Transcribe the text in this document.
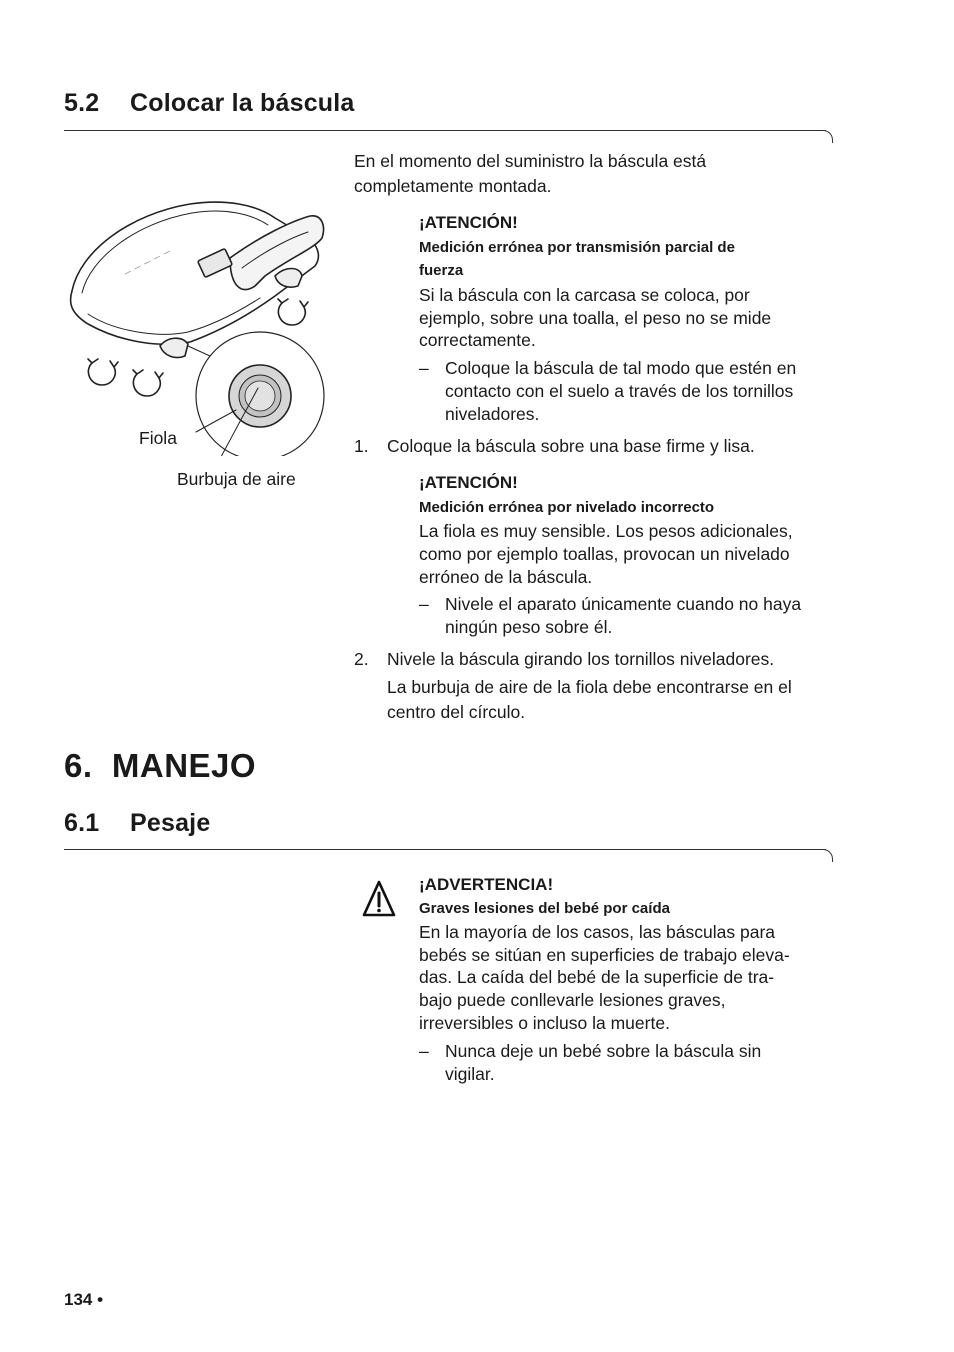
5.2 Colocar la báscula
Fiola
Burbuja de aire
En el momento del suministro la báscula está completamente montada.
¡ATENCIÓN!
Medición errónea por transmisión parcial de
fuerza
Si la báscula con la carcasa se coloca, por
ejemplo, sobre una toalla, el peso no se mide
correctamente.
– Coloque la báscula de tal modo que estén en
contacto con el suelo a través de los tornillos
niveladores.
1. Coloque la báscula sobre una base firme y lisa.
¡ATENCIÓN!
Medición errónea por nivelado incorrecto
La fiola es muy sensible. Los pesos adicionales,
como por ejemplo toallas, provocan un nivelado
erróneo de la báscula.
– Nivele el aparato únicamente cuando no haya
ningún peso sobre él.
2. Nivele la báscula girando los tornillos niveladores.
La burbuja de aire de la fiola debe encontrarse en el
centro del círculo.
6. MANEJO
6.1 Pesaje
¡ADVERTENCIA!
Graves lesiones del bebé por caída
En la mayoría de los casos, las básculas para
bebés se sitúan en superficies de trabajo eleva-
das. La caída del bebé de la superficie de tra-
bajo puede conllevarle lesiones graves,
irreversibles o incluso la muerte.
– Nunca deje un bebé sobre la báscula sin
vigilar.
134 •
